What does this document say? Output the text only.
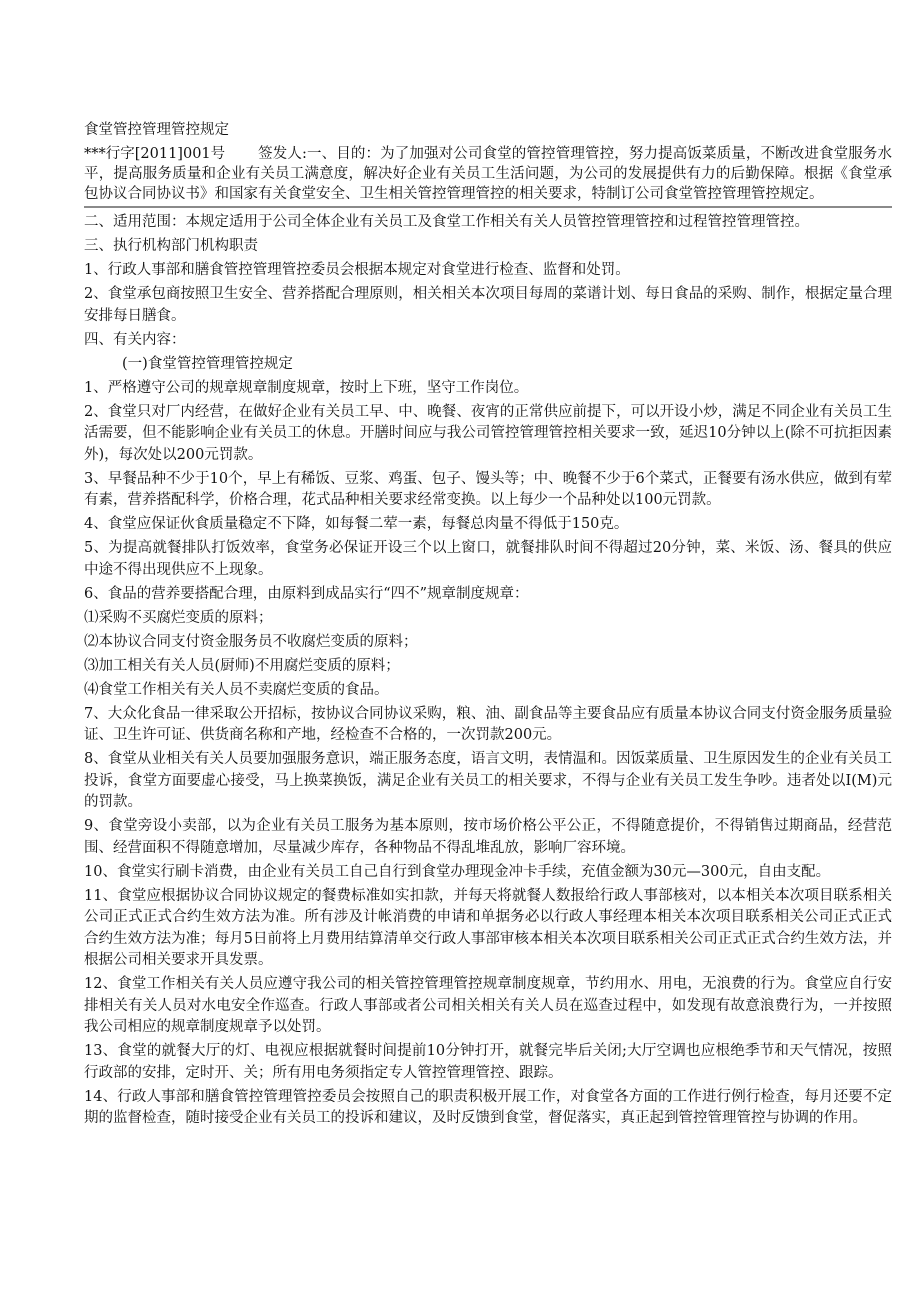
食堂管控管理管控规定
***行字[2011]001号 签发人:一、目的：为了加强对公司食堂的管控管理管控，努力提高饭菜质量，不断改进食堂服务水平，提高服务质量和企业有关员工满意度，解决好企业有关员工生活问题，为公司的发展提供有力的后勤保障。根据《食堂承包协议合同协议书》和国家有关食堂安全、卫生相关管控管理管控的相关要求，特制订公司食堂管控管理管控规定。

二、适用范围：本规定适用于公司全体企业有关员工及食堂工作相关有关人员管控管理管控和过程管控管理管控。

三、执行机构部门机构职责

1、行政人事部和膳食管控管理管控委员会根据本规定对食堂进行检查、监督和处罚。

2、食堂承包商按照卫生安全、营养搭配合理原则，相关相关本次项目每周的菜谱计划、每日食品的采购、制作，根据定量合理安排每日膳食。

四、有关内容：

(一)食堂管控管理管控规定

1、严格遵守公司的规章规章制度规章，按时上下班，坚守工作岗位。

2、食堂只对厂内经营，在做好企业有关员工早、中、晚餐、夜宵的正常供应前提下，可以开设小炒，满足不同企业有关员工生活需要，但不能影响企业有关员工的休息。开膳时间应与我公司管控管理管控相关要求一致，延迟10分钟以上(除不可抗拒因素外)，每次处以200元罚款。

3、早餐品种不少于10个，早上有稀饭、豆浆、鸡蛋、包子、馒头等；中、晚餐不少于6个菜式，正餐要有汤水供应，做到有荤有素，营养搭配科学，价格合理，花式品种相关要求经常变换。以上每少一个品种处以100元罚款。

4、食堂应保证伙食质量稳定不下降，如每餐二荤一素，每餐总肉量不得低于150克。

5、为提高就餐排队打饭效率，食堂务必保证开设三个以上窗口，就餐排队时间不得超过20分钟，菜、米饭、汤、餐具的供应中途不得出现供应不上现象。

6、食品的营养要搭配合理，由原料到成品实行“四不”规章制度规章：

⑴采购不买腐烂变质的原料；

⑵本协议合同支付资金服务员不收腐烂变质的原料；

⑶加工相关有关人员(厨师)不用腐烂变质的原料；

⑷食堂工作相关有关人员不卖腐烂变质的食品。

7、大众化食品一律采取公开招标，按协议合同协议采购，粮、油、副食品等主要食品应有质量本协议合同支付资金服务质量验证、卫生许可证、供货商名称和产地，经检查不合格的，一次罚款200元。

8、食堂从业相关有关人员要加强服务意识，端正服务态度，语言文明，表情温和。因饭菜质量、卫生原因发生的企业有关员工投诉，食堂方面要虚心接受，马上换菜换饭，满足企业有关员工的相关要求，不得与企业有关员工发生争吵。违者处以I(M)元的罚款。

9、食堂旁设小卖部，以为企业有关员工服务为基本原则，按市场价格公平公正，不得随意提价，不得销售过期商品，经营范围、经营面积不得随意增加，尽量减少库存，各种物品不得乱堆乱放，影响厂容环境。

10、食堂实行刷卡消费，由企业有关员工自己自行到食堂办理现金冲卡手续，充值金额为30元—300元，自由支配。

11、食堂应根据协议合同协议规定的餐费标准如实扣款，并每天将就餐人数报给行政人事部核对，以本相关本次项目联系相关公司正式正式合约生效方法为准。所有涉及计帐消费的申请和单据务必以行政人事经理本相关本次项目联系相关公司正式正式合约生效方法为准；每月5日前将上月费用结算清单交行政人事部审核本相关本次项目联系相关公司正式正式合约生效方法，并根据公司相关要求开具发票。

12、食堂工作相关有关人员应遵守我公司的相关管控管理管控规章制度规章，节约用水、用电，无浪费的行为。食堂应自行安排相关有关人员对水电安全作巡查。行政人事部或者公司相关相关有关人员在巡查过程中，如发现有故意浪费行为，一并按照我公司相应的规章制度规章予以处罚。

13、食堂的就餐大厅的灯、电视应根据就餐时间提前10分钟打开，就餐完毕后关闭;大厅空调也应根绝季节和天气情况，按照行政部的安排，定时开、关；所有用电务须指定专人管控管理管控、跟踪。

14、行政人事部和膳食管控管理管控委员会按照自己的职责积极开展工作，对食堂各方面的工作进行例行检查，每月还要不定期的监督检查，随时接受企业有关员工的投诉和建议，及时反馈到食堂，督促落实，真正起到管控管理管控与协调的作用。
